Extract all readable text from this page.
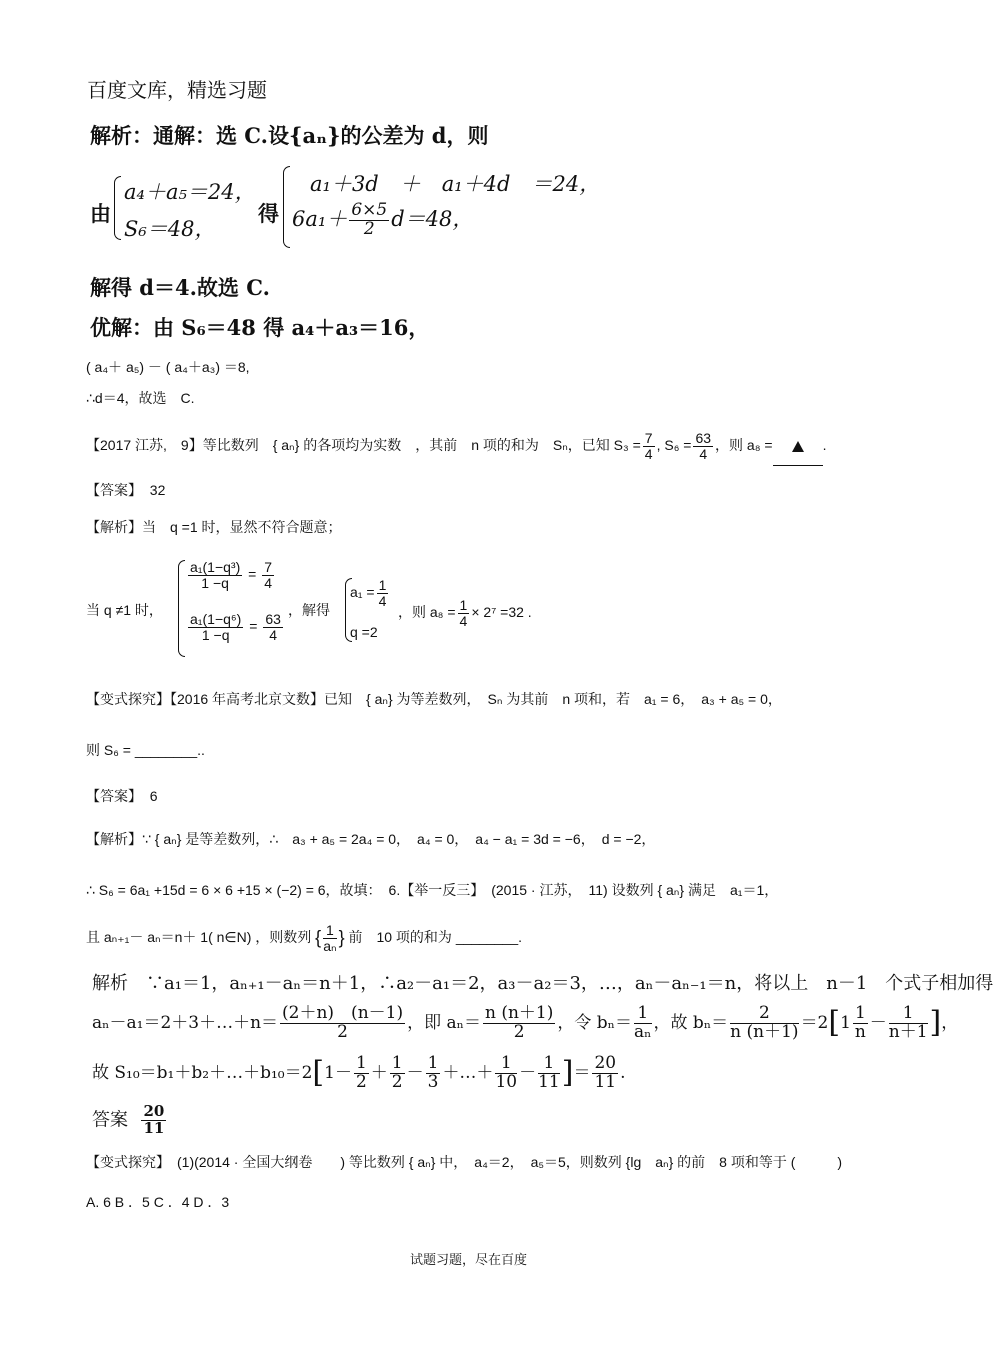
百度文库，精选习题
解析：通解：选 C.设{aₙ}的公差为 d，则
由
a₄＋a₅＝24，
S₆＝48，
得
a₁＋3d　＋　a₁＋4d　＝24，
$6a_1+ \frac{6\times 5}{2} d=48$，
解得 d＝4.故选 C.
优解：由 S₆＝48 得 a₄＋a₃＝16，
( a₄＋ a₅) － ( a₄＋a₃) ＝8,
∴d＝4，故选　C.
【2017 江苏,　9】等比数列　{ aₙ} 的各项均为实数　，其前　n 项的和为　Sₙ，已知 $S_3 = \frac{7}{4}$ , $S_6 = \frac{63}{4}$ ，则 a₈ =	.
【答案】 32
【解析】当　q =1 时，显然不符合题意；
当 q ≠1 时，
$\frac{\text{a₁(1−q³)}}{1 -q} = \frac{7}{4}$
$\frac{\text{a₁(1−q⁶)}}{1 -q} = \frac{63}{4}$
，解得
$a_1 = \frac{1}{4}$
q =2
，则 $a_8 = \frac{1}{4} \times 2^7 =32$ .
【变式探究】【2016 年高考北京文数】已知　{ aₙ} 为等差数列，　Sₙ 为其前　n 项和，若　a₁ = 6，　a₃ + a₅ = 0，
则 S₆ = ________..
【答案】 6
【解析】∵ { aₙ} 是等差数列，∴　a₃ + a₅ = 2a₄ = 0，　a₄ = 0，　a₄ − a₁ = 3d = −6，　d = −2，
∴ S₆ = 6a₁ +15d = 6 × 6 +15 × (−2) = 6，故填：　6.【举一反三】　(2015 · 江苏，　11) 设数列 { aₙ} 满足　a₁＝1，
且 aₙ₊₁－ aₙ＝n＋ 1( n∈N) ，则数列 { $\frac{1}{\text{aₙ}}$ } 前　10 项的和为 ________.
解析　∵a₁＝1，aₙ₊₁－aₙ＝n＋1，∴a₂－a₁＝2，a₃－a₂＝3，…，aₙ－aₙ₋₁＝n，将以上　n－1　个式子相加得
aₙ－a₁＝2＋3＋…＋n＝ $\frac{(2+n) (n-1)}{2}$ ，即 $a_n= \frac{n (n+1)}{2}$ ，令 $b_n= \frac{1}{\text{aₙ}}$ ，故 $b_n= \frac{2}{n (n+1)} =2[1 \frac{1}{n} - \frac{1}{n+1}$ ]，
故 S₁₀＝b₁＋b₂＋…＋b₁₀＝2[1－ $\frac{1}{2} + \frac{1}{2} - \frac{1}{3}$ ＋…＋ $\frac{1}{10} - \frac{1}{11}$ ]＝ $\frac{20}{11}$ .
答案 $\frac{20}{11}$
【变式探究】　(1)(2014 · 全国大纲卷　　) 等比数列 { aₙ} 中，　a₄＝2，　a₅＝5，则数列 {lg　aₙ} 的前　8 项和等于 (　　　)
A. 6 B ．5 C ．4 D ．3
试题习题，尽在百度
